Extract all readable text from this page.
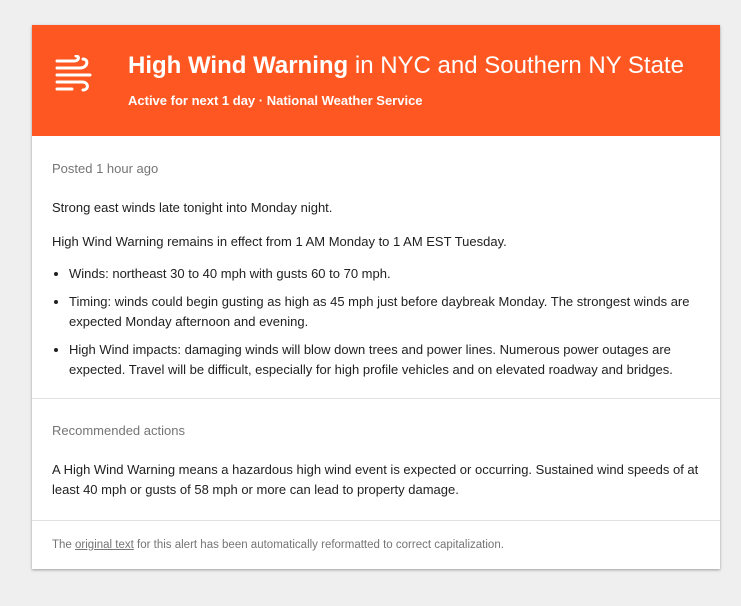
High Wind Warning in NYC and Southern NY State
Active for next 1 day · National Weather Service
Posted 1 hour ago

Strong east winds late tonight into Monday night.

High Wind Warning remains in effect from 1 AM Monday to 1 AM EST Tuesday.

• Winds: northeast 30 to 40 mph with gusts 60 to 70 mph.
• Timing: winds could begin gusting as high as 45 mph just before daybreak Monday. The strongest winds are expected Monday afternoon and evening.
• High Wind impacts: damaging winds will blow down trees and power lines. Numerous power outages are expected. Travel will be difficult, especially for high profile vehicles and on elevated roadway and bridges.
Recommended actions

A High Wind Warning means a hazardous high wind event is expected or occurring. Sustained wind speeds of at least 40 mph or gusts of 58 mph or more can lead to property damage.

The original text for this alert has been automatically reformatted to correct capitalization.
